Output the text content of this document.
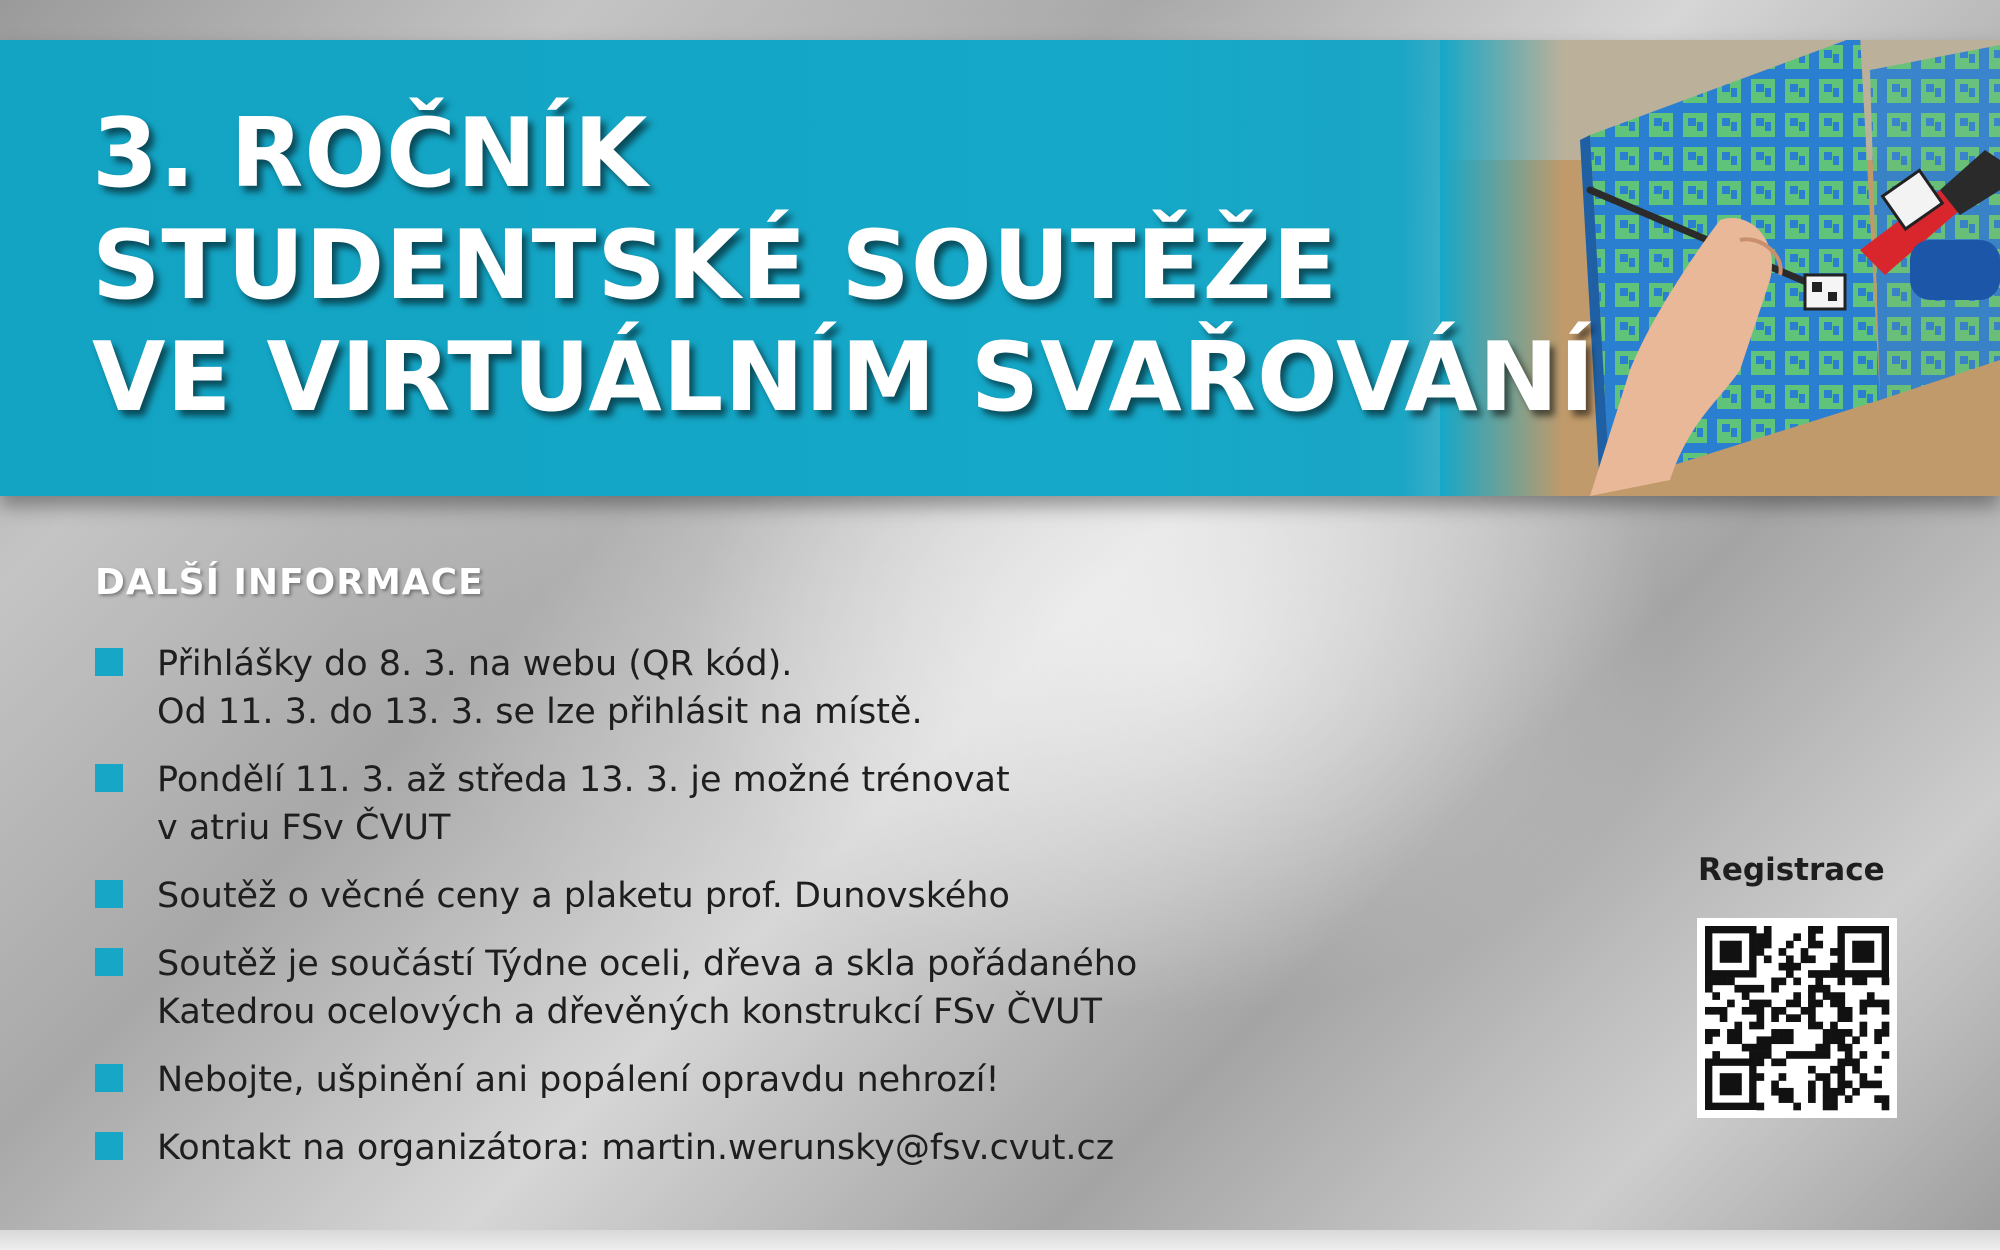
3. ROČNÍK
STUDENTSKÉ SOUTĚŽE
VE VIRTUÁLNÍM SVAŘOVÁNÍ
DALŠÍ INFORMACE
Přihlášky do 8. 3. na webu (QR kód).
Od 11. 3. do 13. 3. se lze přihlásit na místě.
Pondělí 11. 3. až středa 13. 3. je možné trénovat
v atriu FSv ČVUT
Soutěž o věcné ceny a plaketu prof. Dunovského
Soutěž je součástí Týdne oceli, dřeva a skla pořádaného
Katedrou ocelových a dřevěných konstrukcí FSv ČVUT
Nebojte, ušpinění ani popálení opravdu nehrozí!
Kontakt na organizátora: martin.werunsky@fsv.cvut.cz
Registrace
